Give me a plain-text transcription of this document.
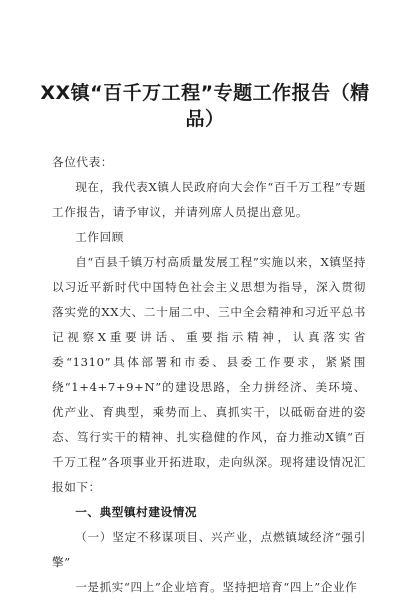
XX镇“百千万工程”专题工作报告（精品）

各位代表：

现在，我代表X镇人民政府向大会作“百千万工程”专题工作报告，请予审议，并请列席人员提出意见。

工作回顾

自“百县千镇万村高质量发展工程”实施以来，X镇坚持以习近平新时代中国特色社会主义思想为指导，深入贯彻落实党的XX大、二十届二中、三中全会精神和习近平总书记视察X重要讲话、重要指示精神，认真落实省委“1310”具体部署和市委、县委工作要求，紧紧围绕“1+4+7+9+N”的建设思路，全力拼经济、美环境、优产业、育典型，乘势而上、真抓实干，以砥砺奋进的姿态、笃行实干的精神、扎实稳健的作风，奋力推动X镇“百千万工程”各项事业开拓进取，走向纵深。现将建设情况汇报如下：

一、典型镇村建设情况

（一）坚定不移谋项目、兴产业，点燃镇域经济“强引擎”

一是抓实“四上”企业培育。坚持把培育“四上”企业作
